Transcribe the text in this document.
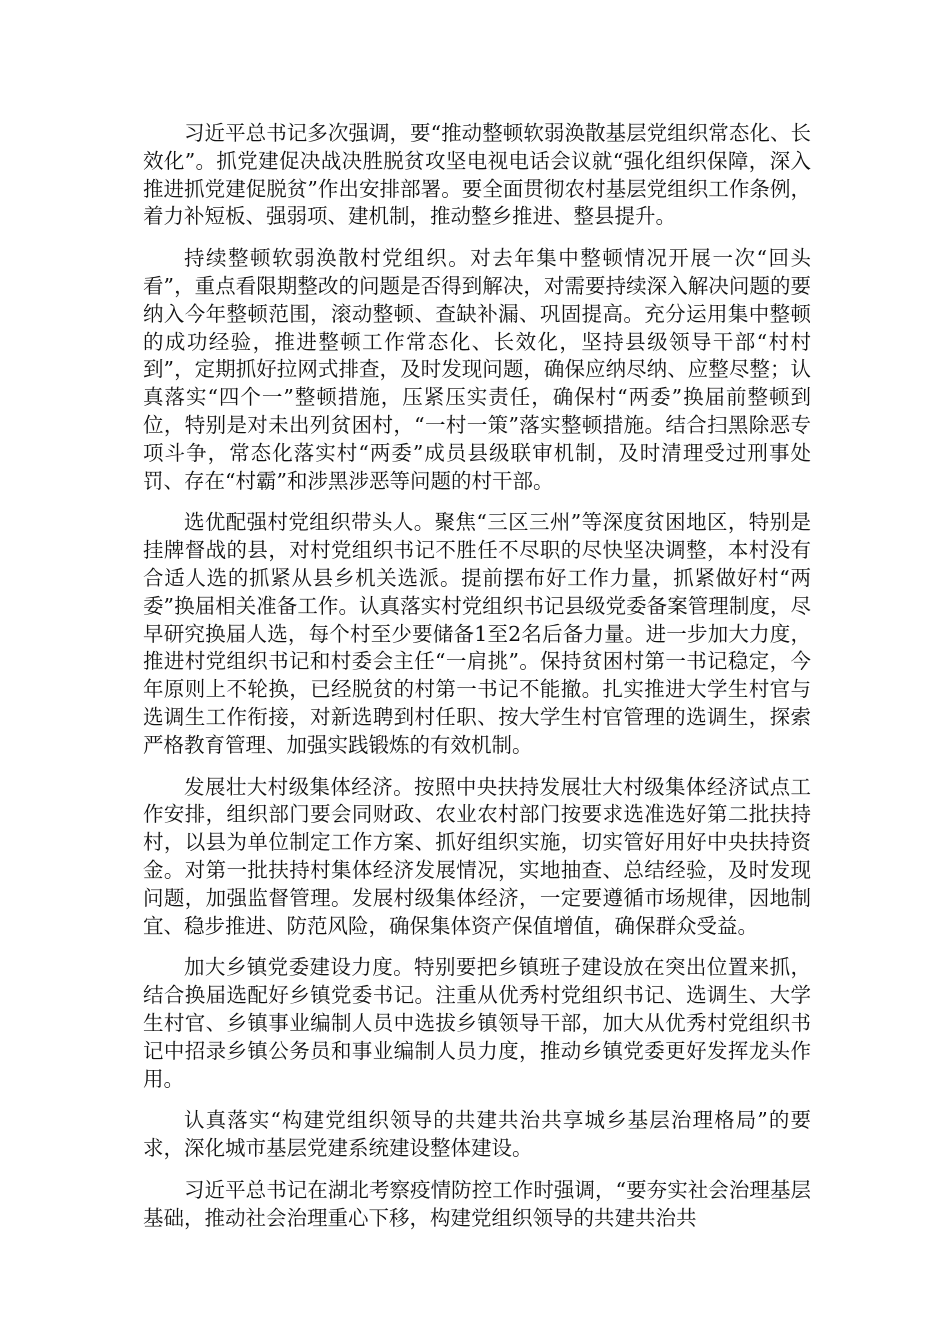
习近平总书记多次强调，要“推动整顿软弱涣散基层党组织常态化、长效化”。抓党建促决战决胜脱贫攻坚电视电话会议就“强化组织保障，深入推进抓党建促脱贫”作出安排部署。要全面贯彻农村基层党组织工作条例，着力补短板、强弱项、建机制，推动整乡推进、整县提升。

持续整顿软弱涣散村党组织。对去年集中整顿情况开展一次“回头看”，重点看限期整改的问题是否得到解决，对需要持续深入解决问题的要纳入今年整顿范围，滚动整顿、查缺补漏、巩固提高。充分运用集中整顿的成功经验，推进整顿工作常态化、长效化，坚持县级领导干部“村村到”，定期抓好拉网式排查，及时发现问题，确保应纳尽纳、应整尽整；认真落实“四个一”整顿措施，压紧压实责任，确保村“两委”换届前整顿到位，特别是对未出列贫困村，“一村一策”落实整顿措施。结合扫黑除恶专项斗争，常态化落实村“两委”成员县级联审机制，及时清理受过刑事处罚、存在“村霸”和涉黑涉恶等问题的村干部。

选优配强村党组织带头人。聚焦“三区三州”等深度贫困地区，特别是挂牌督战的县，对村党组织书记不胜任不尽职的尽快坚决调整，本村没有合适人选的抓紧从县乡机关选派。提前摆布好工作力量，抓紧做好村“两委”换届相关准备工作。认真落实村党组织书记县级党委备案管理制度，尽早研究换届人选，每个村至少要储备1至2名后备力量。进一步加大力度，推进村党组织书记和村委会主任“一肩挑”。保持贫困村第一书记稳定，今年原则上不轮换，已经脱贫的村第一书记不能撤。扎实推进大学生村官与选调生工作衔接，对新选聘到村任职、按大学生村官管理的选调生，探索严格教育管理、加强实践锻炼的有效机制。

发展壮大村级集体经济。按照中央扶持发展壮大村级集体经济试点工作安排，组织部门要会同财政、农业农村部门按要求选准选好第二批扶持村，以县为单位制定工作方案、抓好组织实施，切实管好用好中央扶持资金。对第一批扶持村集体经济发展情况，实地抽查、总结经验，及时发现问题，加强监督管理。发展村级集体经济，一定要遵循市场规律，因地制宜、稳步推进、防范风险，确保集体资产保值增值，确保群众受益。

加大乡镇党委建设力度。特别要把乡镇班子建设放在突出位置来抓，结合换届选配好乡镇党委书记。注重从优秀村党组织书记、选调生、大学生村官、乡镇事业编制人员中选拔乡镇领导干部，加大从优秀村党组织书记中招录乡镇公务员和事业编制人员力度，推动乡镇党委更好发挥龙头作用。

认真落实“构建党组织领导的共建共治共享城乡基层治理格局”的要求，深化城市基层党建系统建设整体建设。

习近平总书记在湖北考察疫情防控工作时强调，“要夯实社会治理基层基础，推动社会治理重心下移，构建党组织领导的共建共治共
